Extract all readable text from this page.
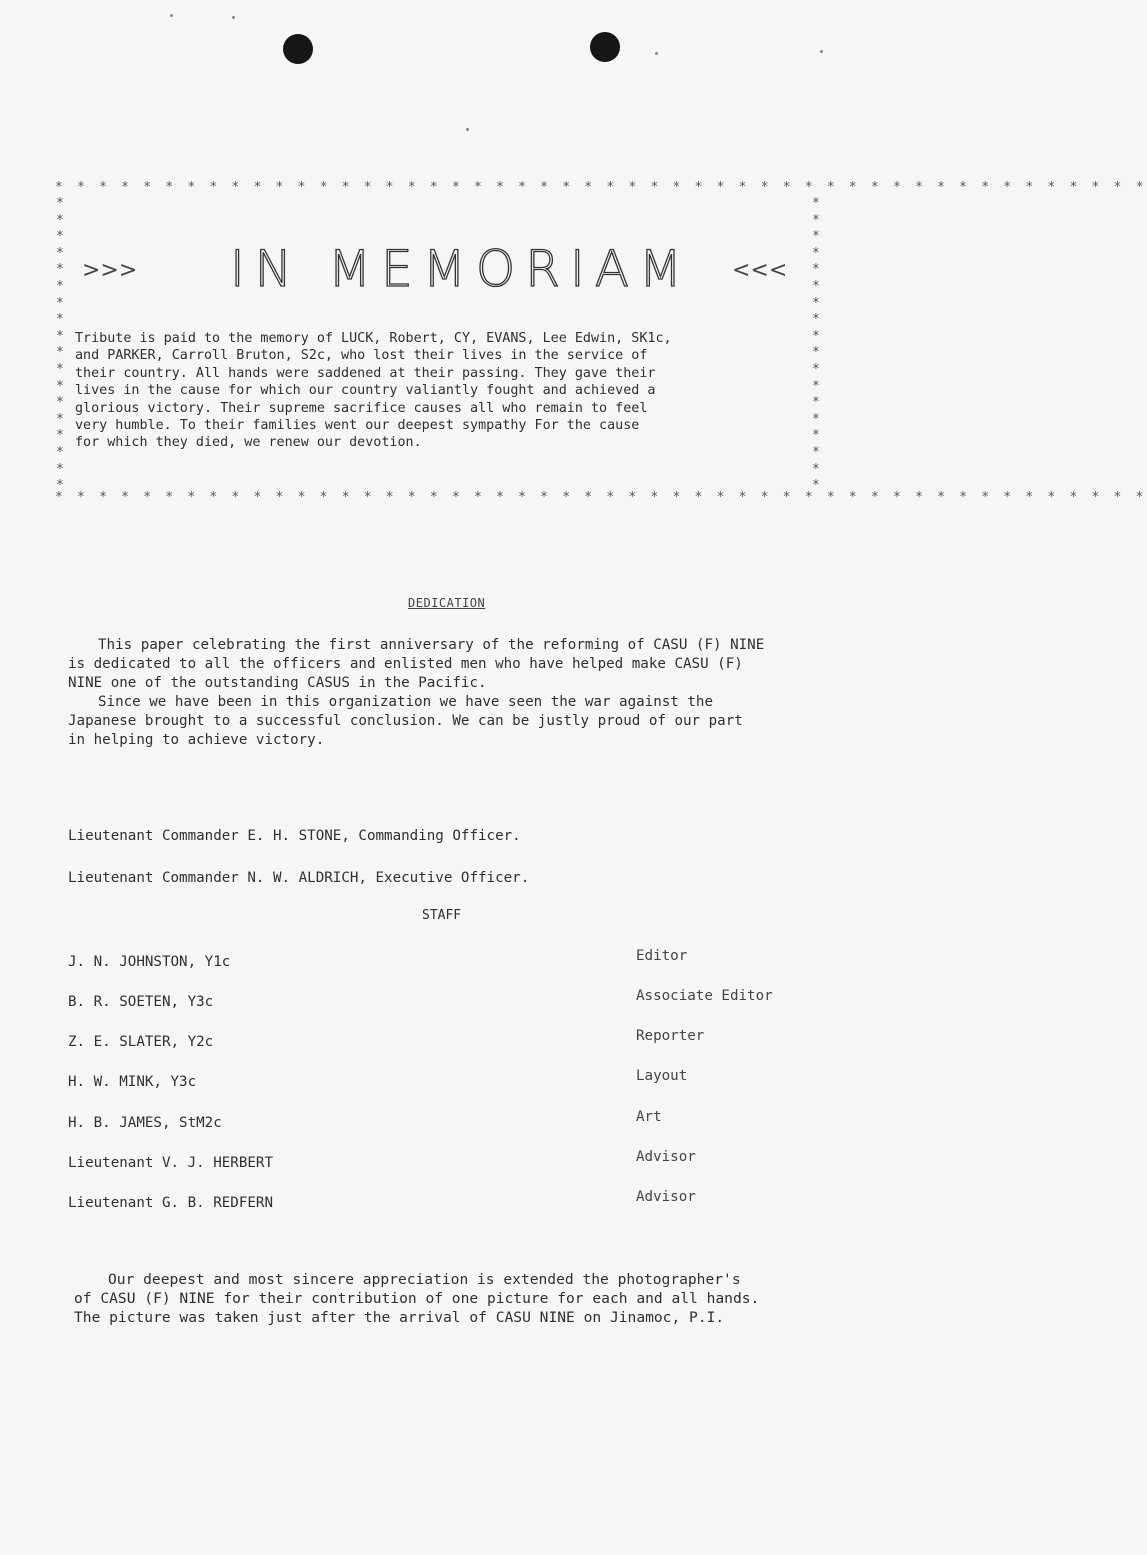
* * * * * * * * * * * * * * * * * * * * * * * * * * * * * * * * * * * * * * * * * * * * * * * * * *
* * * * * * * * * * * * * * * * * * * * * * * * * * * * * * * * * * * * * * * * * * * * * * * * * *
*
*
*
*
*
*
*
*
*
*
*
*
*
*
*
*
*
*
*
*
*
*
*
*
*
*
*
*
*
*
*
*
*
*
*
*
>>>	IN MEMORIAM	<<<
Tribute is paid to the memory of LUCK, Robert, CY, EVANS, Lee Edwin, SK1c,
and PARKER, Carroll Bruton, S2c, who lost their lives in the service of
their country. All hands were saddened at their passing. They gave their
lives in the cause for which our country valiantly fought and achieved a
glorious victory. Their supreme sacrifice causes all who remain to feel
very humble. To their families went our deepest sympathy For the cause
for which they died, we renew our devotion.
DEDICATION
This paper celebrating the first anniversary of the reforming of CASU (F) NINE
is dedicated to all the officers and enlisted men who have helped make CASU (F)
NINE one of the outstanding CASUS in the Pacific.
Since we have been in this organization we have seen the war against the
Japanese brought to a successful conclusion. We can be justly proud of our part
in helping to achieve victory.
Lieutenant Commander E. H. STONE, Commanding Officer.
Lieutenant Commander N. W. ALDRICH, Executive Officer.
STAFF
J. N. JOHNSTON, Y1c	Editor
B. R. SOETEN, Y3c	Associate Editor
Z. E. SLATER, Y2c	Reporter
H. W. MINK, Y3c	Layout
H. B. JAMES, StM2c	Art
Lieutenant V. J. HERBERT	Advisor
Lieutenant G. B. REDFERN	Advisor
Our deepest and most sincere appreciation is extended the photographer's
of CASU (F) NINE for their contribution of one picture for each and all hands.
The picture was taken just after the arrival of CASU NINE on Jinamoc, P.I.
